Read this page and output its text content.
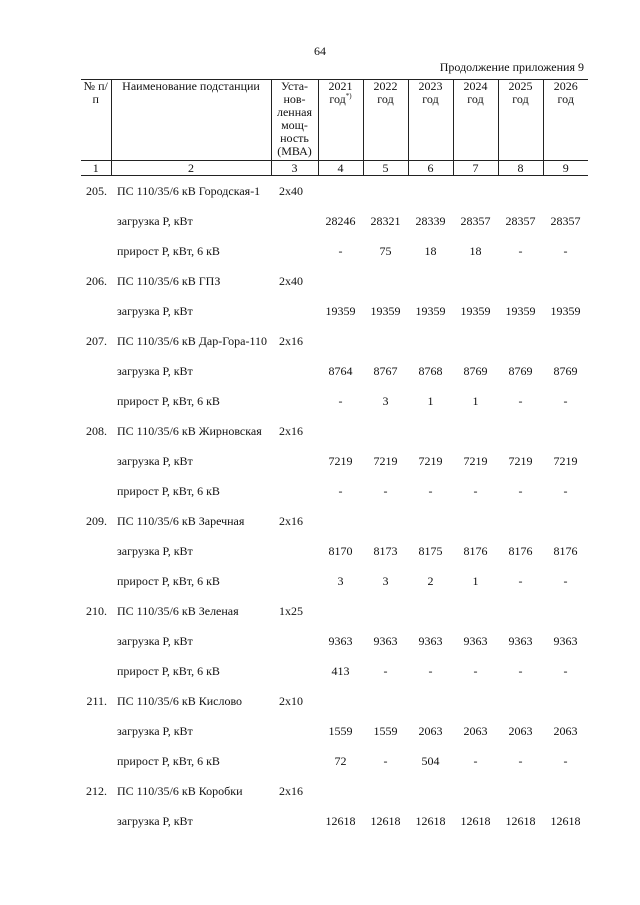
64
Продолжение приложения 9
№ п/п	Наименование подстанции	Уста-нов-ленная мощ-ность (МВА)	2021 год*)	2022 год	2023 год	2024 год	2025 год	2026 год
1	2	3	4	5	6	7	8	9
205.	ПС 110/35/6 кВ Городская-1	2x40						
	загрузка Р, кВт		28246	28321	28339	28357	28357	28357
	прирост Р, кВт, 6 кВ		-	75	18	18	-	-
206.	ПС 110/35/6 кВ ГПЗ	2x40						
	загрузка Р, кВт		19359	19359	19359	19359	19359	19359
207.	ПС 110/35/6 кВ Дар-Гора-110	2x16						
	загрузка Р, кВт		8764	8767	8768	8769	8769	8769
	прирост Р, кВт, 6 кВ		-	3	1	1	-	-
208.	ПС 110/35/6 кВ Жирновская	2x16						
	загрузка Р, кВт		7219	7219	7219	7219	7219	7219
	прирост Р, кВт, 6 кВ		-	-	-	-	-	-
209.	ПС 110/35/6 кВ Заречная	2x16						
	загрузка Р, кВт		8170	8173	8175	8176	8176	8176
	прирост Р, кВт, 6 кВ		3	3	2	1	-	-
210.	ПС 110/35/6 кВ Зеленая	1x25						
	загрузка Р, кВт		9363	9363	9363	9363	9363	9363
	прирост Р, кВт, 6 кВ		413	-	-	-	-	-
211.	ПС 110/35/6 кВ Кислово	2x10						
	загрузка Р, кВт		1559	1559	2063	2063	2063	2063
	прирост Р, кВт, 6 кВ		72	-	504	-	-	-
212.	ПС 110/35/6 кВ Коробки	2x16						
	загрузка Р, кВт		12618	12618	12618	12618	12618	12618
